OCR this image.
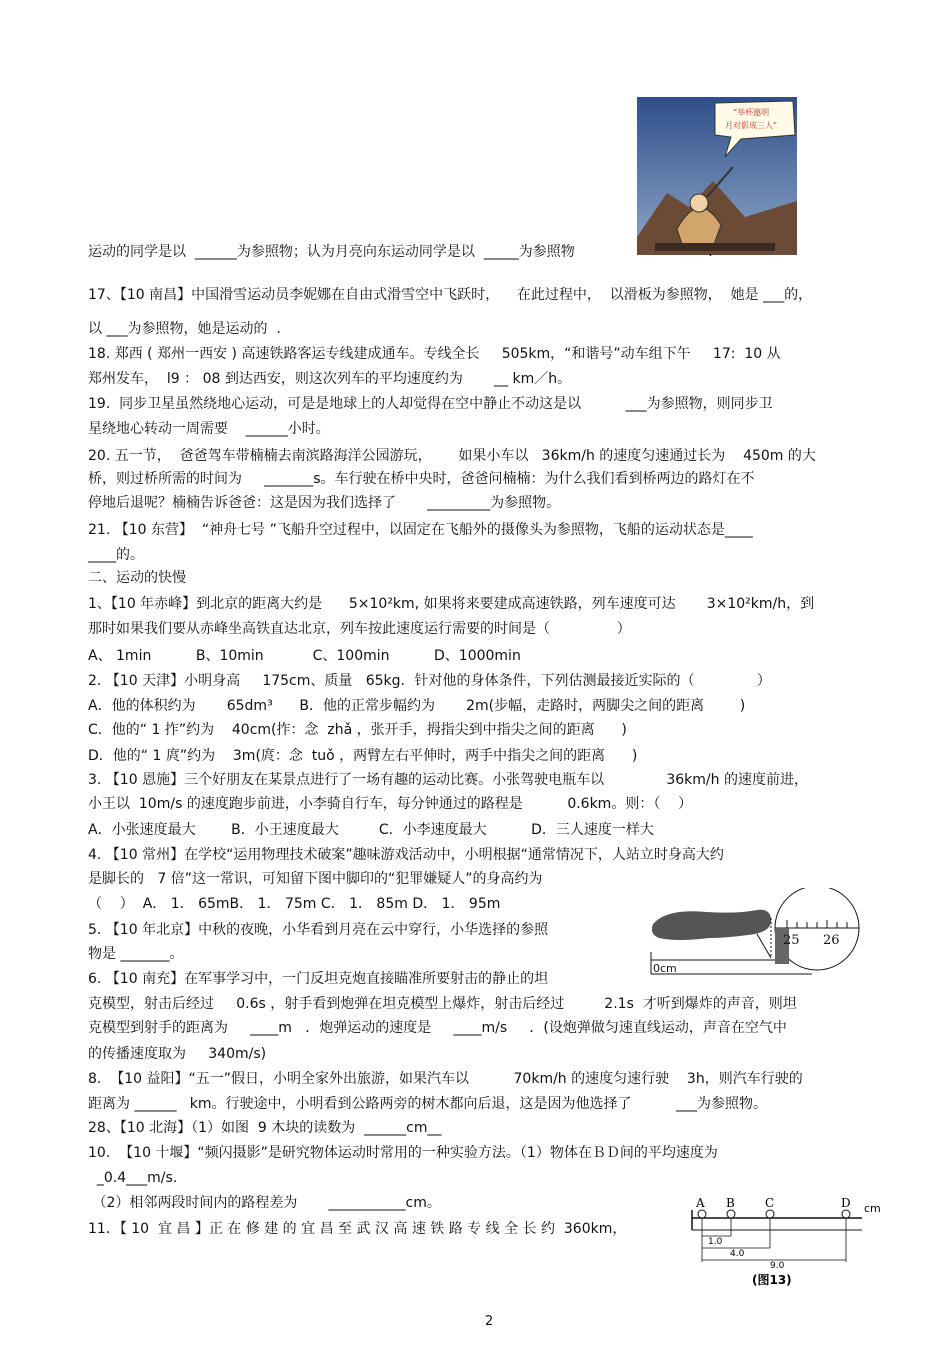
“举杯邀明
月对影成三人”
0cm
25 26
A B	C	D cm
1.0
4.0
9.0
(图13)
运动的同学是以  ______为参照物；认为月亮向东运动同学是以  _____为参照物                              .
17、【10 南昌】中国滑雪运动员李妮娜在自由式滑雪空中飞跃时，    在此过程中，  以滑板为参照物，  她是 ___的，
以 ___为参照物，她是运动的  .
18. 郑西 ( 郑州一西安 ) 高速铁路客运专线建成通车。专线全长     505km，“和谐号”动车组下午     17:  10 从
郑州发车，  l9 ： 08 到达西安，则这次列车的平均速度约为       __ km／h。
19.  同步卫星虽然绕地心运动，可是是地球上的人却觉得在空中静止不动这是以          ___为参照物，则同步卫
星绕地心转动一周需要    ______小时。
20. 五一节，  爸爸驾车带楠楠去南滨路海洋公园游玩，      如果小车以   36km/h 的速度匀速通过长为    450m 的大
桥，则过桥所需的时间为     _______s。车行驶在桥中央时，爸爸问楠楠：为什么我们看到桥两边的路灯在不
停地后退呢？楠楠告诉爸爸：这是因为我们选择了       _________为参照物。
21. 【10 东营】  “神舟七号 ”飞船升空过程中，以固定在飞船外的摄像头为参照物，飞船的运动状态是____
____的。
二、运动的快慢
1、【10 年赤峰】到北京的距离大约是      5×10²km, 如果将来要建成高速铁路，列车速度可达       3×10²km/h，到
那时如果我们要从赤峰坐高铁直达北京，列车按此速度运行需要的时间是（               ）
A、 1min          B、10min           C、100min          D、1000min
2. 【10 天津】小明身高     175cm、质量   65kg．针对他的身体条件，下列估测最接近实际的（              ）
A．他的体积约为       65dm³      B．他的正常步幅约为       2m(步幅，走路时，两脚尖之间的距离        )
C．他的“ 1 拃”约为    40cm(拃：念  zhǎ ，张开手，拇指尖到中指尖之间的距离      )
D．他的“ 1 庹”约为    3m(庹：念  tuǒ ，两臂左右平伸时，两手中指尖之间的距离      )
3. 【10 恩施】三个好朋友在某景点进行了一场有趣的运动比赛。小张驾驶电瓶车以              36km/h 的速度前进，
小王以  10m/s 的速度跑步前进，小李骑自行车，每分钟通过的路程是          0.6km。则：（    ）
A．小张速度最大        B．小王速度最大         C．小李速度最大          D．三人速度一样大
4. 【10 常州】在学校“运用物理技术破案”趣味游戏活动中，小明根据“通常情况下，人站立时身高大约
是脚长的   7 倍”这一常识，可知留下图中脚印的“犯罪嫌疑人”的身高约为
（    ）  A． 1． 65mB． 1． 75m C． 1． 85m D． 1． 95m
5. 【10 年北京】中秋的夜晚，小华看到月亮在云中穿行，小华选择的参照
物是 _______。
6. 【10 南充】在军事学习中，一门反坦克炮直接瞄准所要射击的静止的坦
克模型，射击后经过     0.6s ，射手看到炮弹在坦克模型上爆炸，射击后经过         2.1s  才听到爆炸的声音，则坦
克模型到射手的距离为     ____m   ．炮弹运动的速度是     ____m/s     ．(设炮弹做匀速直线运动，声音在空气中
的传播速度取为     340m/s)
8.  【10 益阳】“五一”假日，小明全家外出旅游，如果汽车以          70km/h 的速度匀速行驶    3h，则汽车行驶的
距离为 ______   km。行驶途中，小明看到公路两旁的树木都向后退，这是因为他选择了          ___为参照物。
28、【10 北海】（1）如图  9 木块的读数为  ______cm__
10.  【10 十堰】“频闪摄影”是研究物体运动时常用的一种实验方法。（1）物体在ＢＤ间的平均速度为
_0.4___m/s.
（2）相邻两段时间内的路程差为       ___________cm。
11．【 10  宜 昌 】正 在 修 建 的 宜 昌 至 武 汉 高 速 铁 路 专 线 全 长 约  360km，
2
